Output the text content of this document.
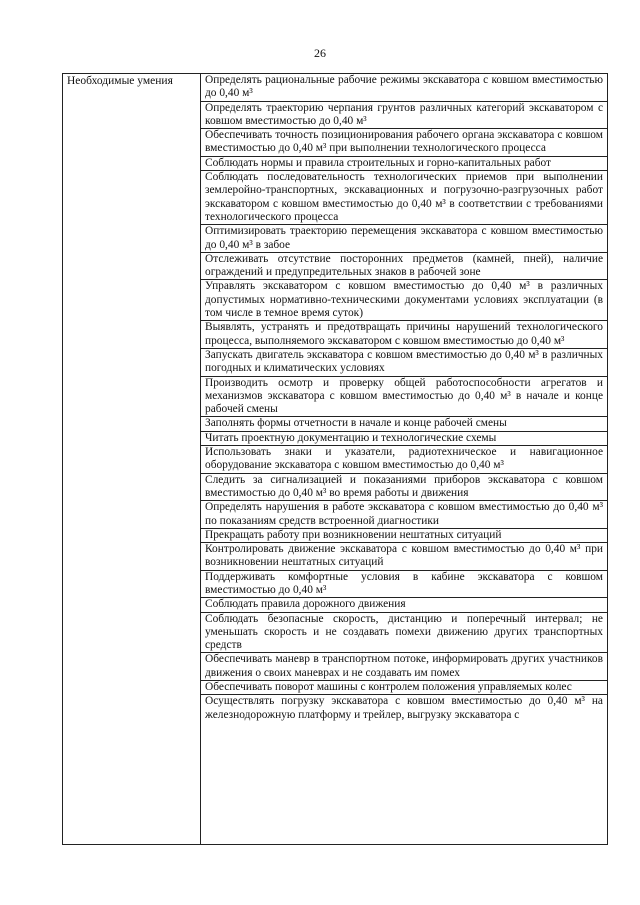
26
Необходимые умения	Определять рациональные рабочие режимы экскаватора с ковшом вместимостью до 0,40 м³
Определять траекторию черпания грунтов различных категорий экскаватором с ковшом вместимостью до 0,40 м³
Обеспечивать точность позиционирования рабочего органа экскаватора с ковшом вместимостью до 0,40 м³ при выполнении технологического процесса
Соблюдать нормы и правила строительных и горно-капитальных работ
Соблюдать последовательность технологических приемов при выполнении землеройно-транспортных, экскавационных и погрузочно-разгрузочных работ экскаватором с ковшом вместимостью до 0,40 м³ в соответствии с требованиями технологического процесса
Оптимизировать траекторию перемещения экскаватора с ковшом вместимостью до 0,40 м³ в забое
Отслеживать отсутствие посторонних предметов (камней, пней), наличие ограждений и предупредительных знаков в рабочей зоне
Управлять экскаватором с ковшом вместимостью до 0,40 м³ в различных допустимых нормативно-техническими документами условиях эксплуатации (в том числе в темное время суток)
Выявлять, устранять и предотвращать причины нарушений технологического процесса, выполняемого экскаватором с ковшом вместимостью до 0,40 м³
Запускать двигатель экскаватора с ковшом вместимостью до 0,40 м³ в различных погодных и климатических условиях
Производить осмотр и проверку общей работоспособности агрегатов и механизмов экскаватора с ковшом вместимостью до 0,40 м³ в начале и конце рабочей смены
Заполнять формы отчетности в начале и конце рабочей смены
Читать проектную документацию и технологические схемы
Использовать знаки и указатели, радиотехническое и навигационное оборудование экскаватора с ковшом вместимостью до 0,40 м³
Следить за сигнализацией и показаниями приборов экскаватора с ковшом вместимостью до 0,40 м³ во время работы и движения
Определять нарушения в работе экскаватора с ковшом вместимостью до 0,40 м³ по показаниям средств встроенной диагностики
Прекращать работу при возникновении нештатных ситуаций
Контролировать движение экскаватора с ковшом вместимостью до 0,40 м³ при возникновении нештатных ситуаций
Поддерживать комфортные условия в кабине экскаватора с ковшом вместимостью до 0,40 м³
Соблюдать правила дорожного движения
Соблюдать безопасные скорость, дистанцию и поперечный интервал; не уменьшать скорость и не создавать помехи движению других транспортных средств
Обеспечивать маневр в транспортном потоке, информировать других участников движения о своих маневрах и не создавать им помех
Обеспечивать поворот машины с контролем положения управляемых колес
Осуществлять погрузку экскаватора с ковшом вместимостью до 0,40 м³ на железнодорожную платформу и трейлер, выгрузку экскаватора с
